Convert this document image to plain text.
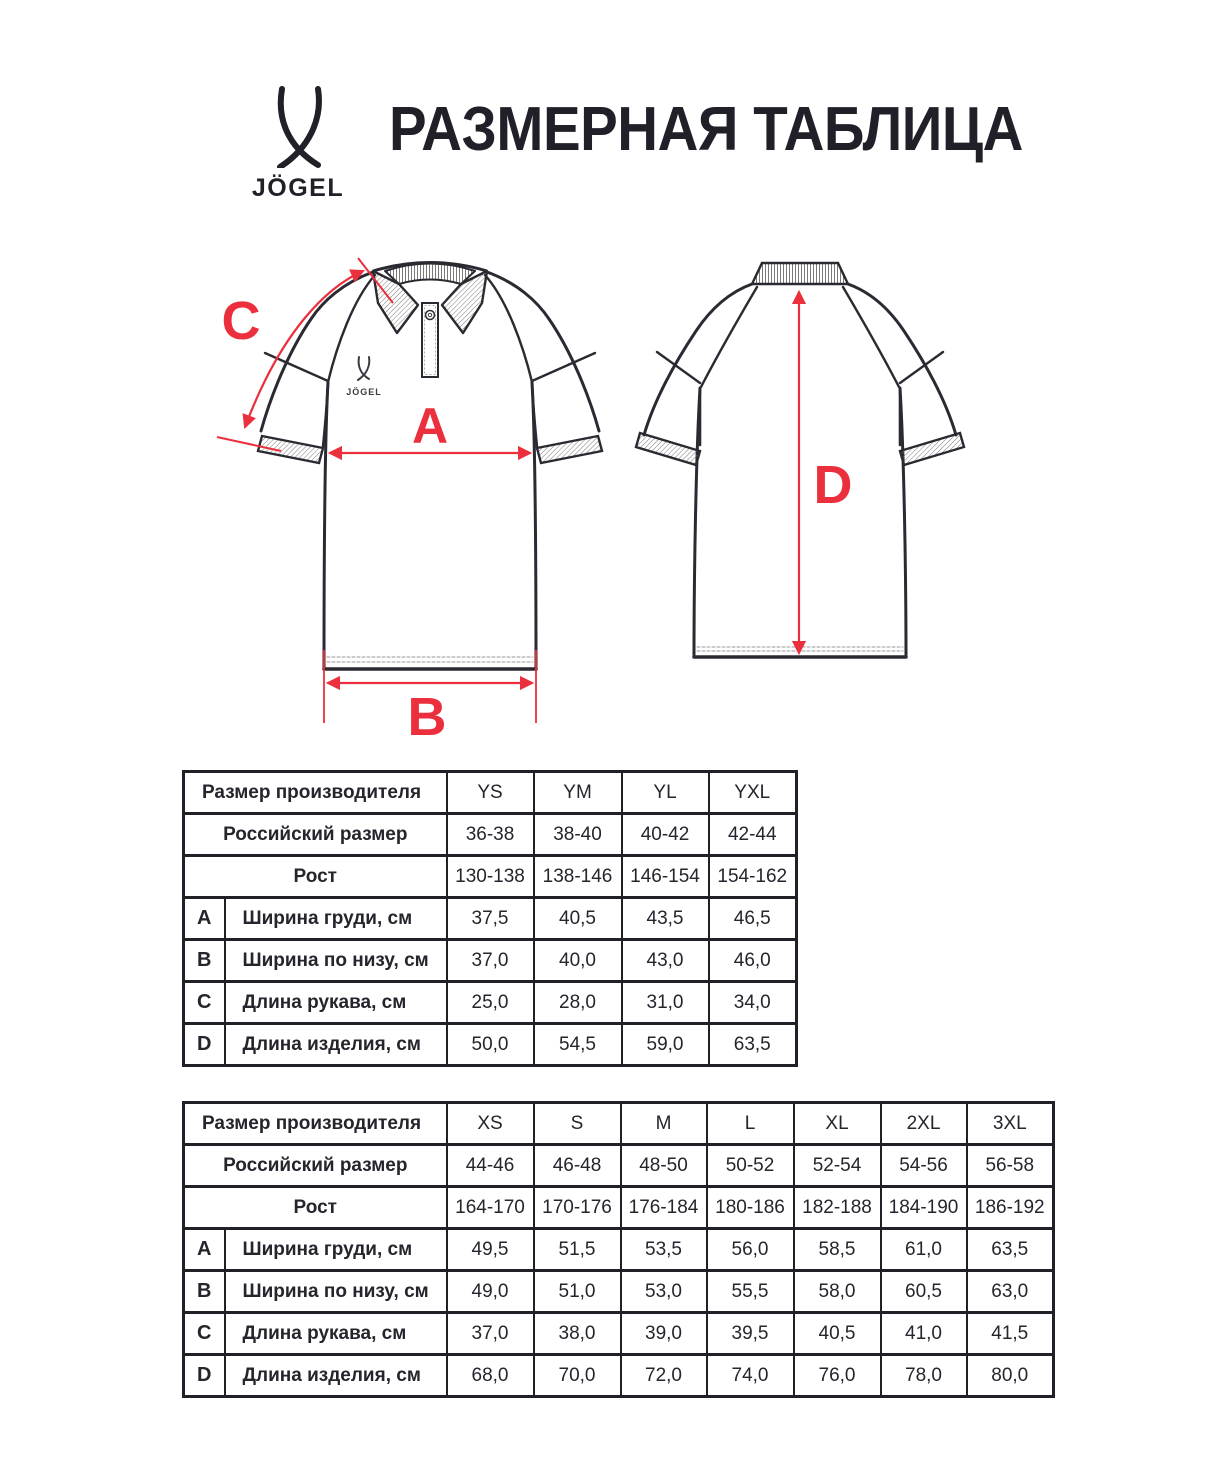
JÖGEL
РАЗМЕРНАЯ ТАБЛИЦА
JÖGEL
A
B
C
D
Размер производителя		YS	YM	YL	YXL
Российский размер		36-38	38-40	40-42	42-44
Рост		130-138	138-146	146-154	154-162
A	Ширина груди, см	37,5	40,5	43,5	46,5
B	Ширина по низу, см	37,0	40,0	43,0	46,0
C	Длина рукава, см	25,0	28,0	31,0	34,0
D	Длина изделия, см	50,0	54,5	59,0	63,5
Размер производителя		XS	S	M	L	XL	2XL	3XL
Российский размер		44-46	46-48	48-50	50-52	52-54	54-56	56-58
Рост		164-170	170-176	176-184	180-186	182-188	184-190	186-192
A	Ширина груди, см	49,5	51,5	53,5	56,0	58,5	61,0	63,5
B	Ширина по низу, см	49,0	51,0	53,0	55,5	58,0	60,5	63,0
C	Длина рукава, см	37,0	38,0	39,0	39,5	40,5	41,0	41,5
D	Длина изделия, см	68,0	70,0	72,0	74,0	76,0	78,0	80,0
